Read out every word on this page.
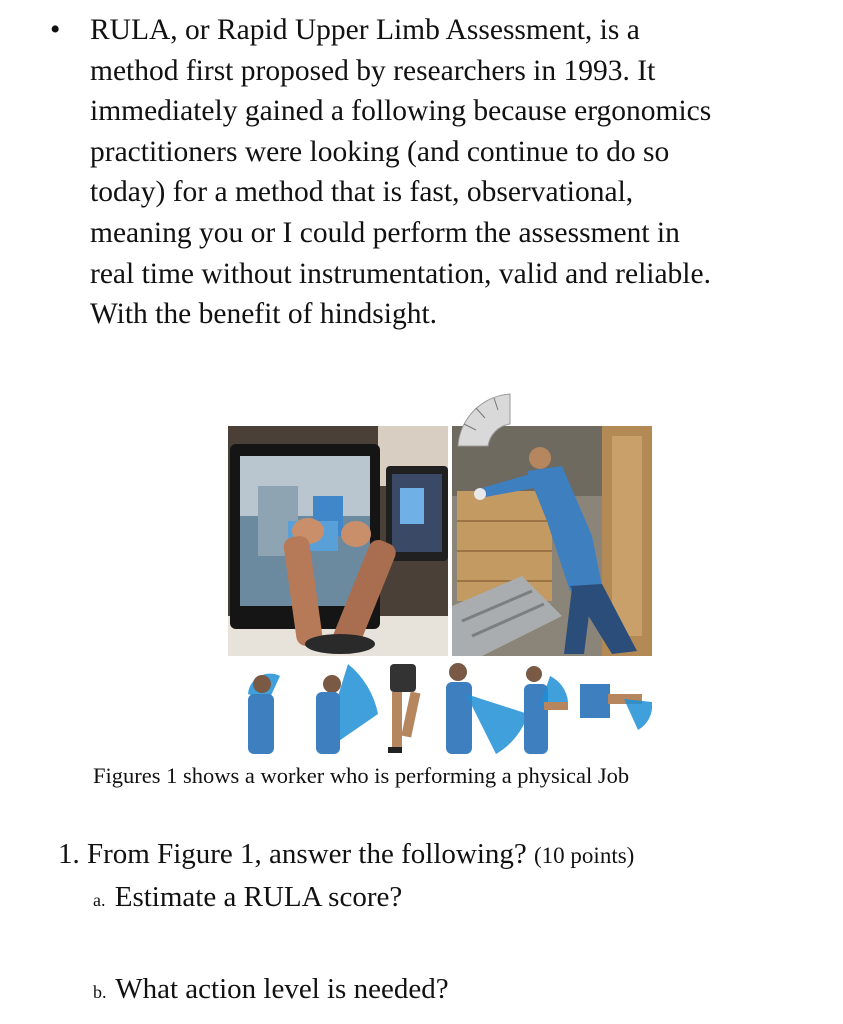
• RULA, or Rapid Upper Limb Assessment, is a
method first proposed by researchers in 1993. It
immediately gained a following because ergonomics
practitioners were looking (and continue to do so
today) for a method that is fast, observational,
meaning you or I could perform the assessment in
real time without instrumentation, valid and reliable.
With the benefit of hindsight.
Figures 1 shows a worker who is performing a physical Job
1. From Figure 1, answer the following? (10 points)
a. Estimate a RULA score?
b. What action level is needed?
